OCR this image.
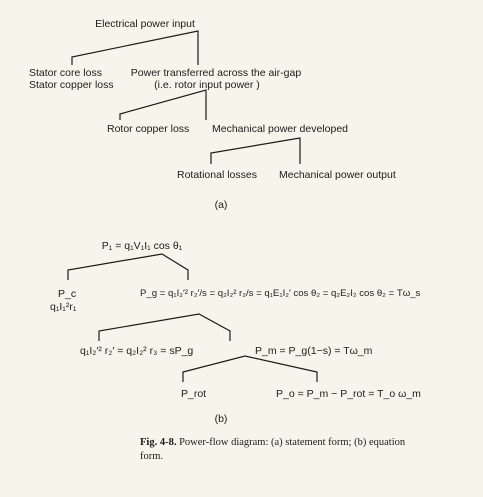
Electrical power input
Stator core loss
Stator copper loss
Power transferred across the air-gap
(i.e. rotor input power )
Rotor copper loss Mechanical power developed
Rotational losses Mechanical power output
(a)
P₁ = q₁V₁I₁ cos θ₁
P_c
q₁I₁²r₁
P_g = q₁I₂′² r₂′/s = q₂I₂² r₂/s = q₁E₁I₂′ cos θ₂ = q₂E₂I₂ cos θ₂ = Tω_s
q₁I₂′² r₂′ = q₂I₂² r₃ = sP_g	P_m = P_g(1−s) = Tω_m
P_rot	P_o = P_m − P_rot = T_o ω_m
(b)
Fig. 4-8. Power-flow diagram: (a) statement form; (b) equation form.
